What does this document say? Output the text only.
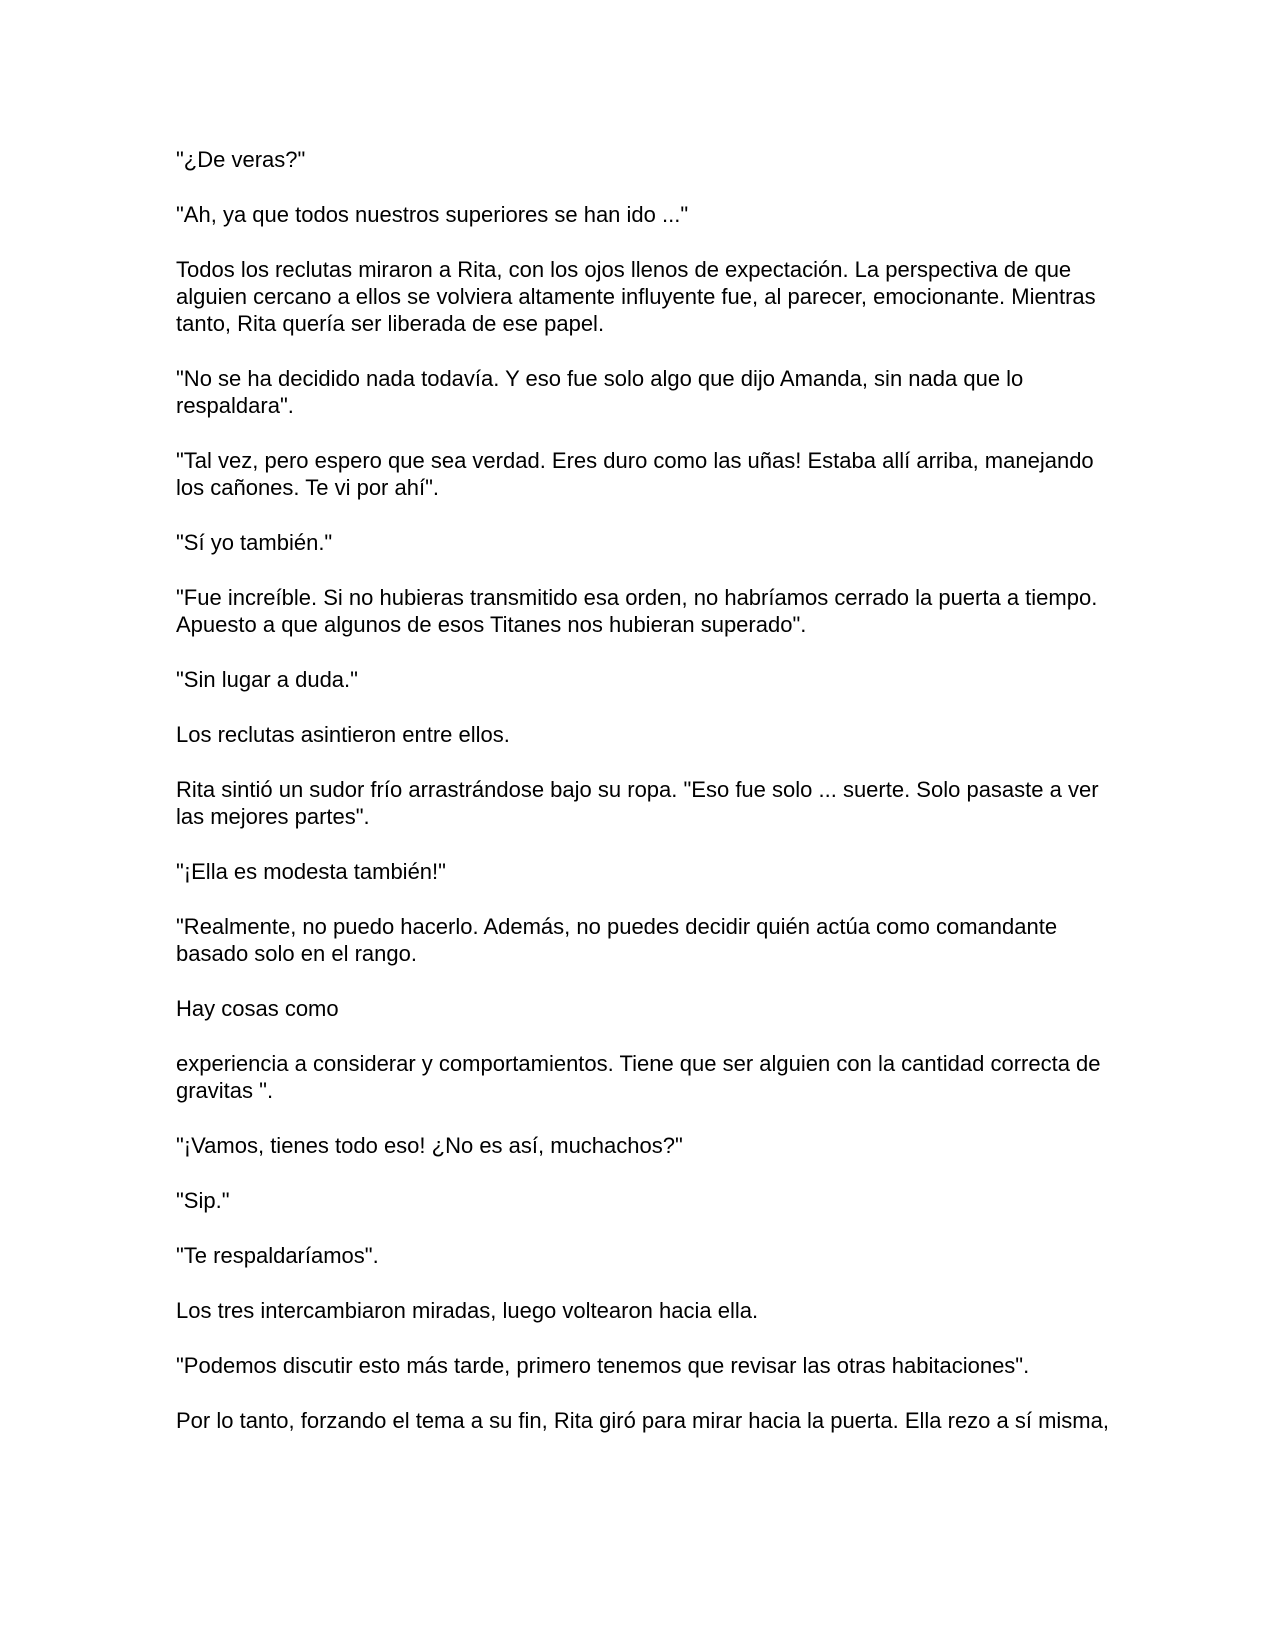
"¿De veras?"

"Ah, ya que todos nuestros superiores se han ido ..."

Todos los reclutas miraron a Rita, con los ojos llenos de expectación. La perspectiva de que alguien cercano a ellos se volviera altamente influyente fue, al parecer, emocionante. Mientras tanto, Rita quería ser liberada de ese papel.

"No se ha decidido nada todavía. Y eso fue solo algo que dijo Amanda, sin nada que lo respaldara".

"Tal vez, pero espero que sea verdad. Eres duro como las uñas! Estaba allí arriba, manejando los cañones. Te vi por ahí".

"Sí yo también."

"Fue increíble. Si no hubieras transmitido esa orden, no habríamos cerrado la puerta a tiempo. Apuesto a que algunos de esos Titanes nos hubieran superado".

"Sin lugar a duda."

Los reclutas asintieron entre ellos.

Rita sintió un sudor frío arrastrándose bajo su ropa. "Eso fue solo ... suerte. Solo pasaste a ver las mejores partes".

"¡Ella es modesta también!"

"Realmente, no puedo hacerlo. Además, no puedes decidir quién actúa como comandante basado solo en el rango.

Hay cosas como

experiencia a considerar y comportamientos. Tiene que ser alguien con la cantidad correcta de gravitas ".

"¡Vamos, tienes todo eso! ¿No es así, muchachos?"

"Sip."

"Te respaldaríamos".

Los tres intercambiaron miradas, luego voltearon hacia ella.

"Podemos discutir esto más tarde, primero tenemos que revisar las otras habitaciones".

Por lo tanto, forzando el tema a su fin, Rita giró para mirar hacia la puerta. Ella rezo a sí misma,
